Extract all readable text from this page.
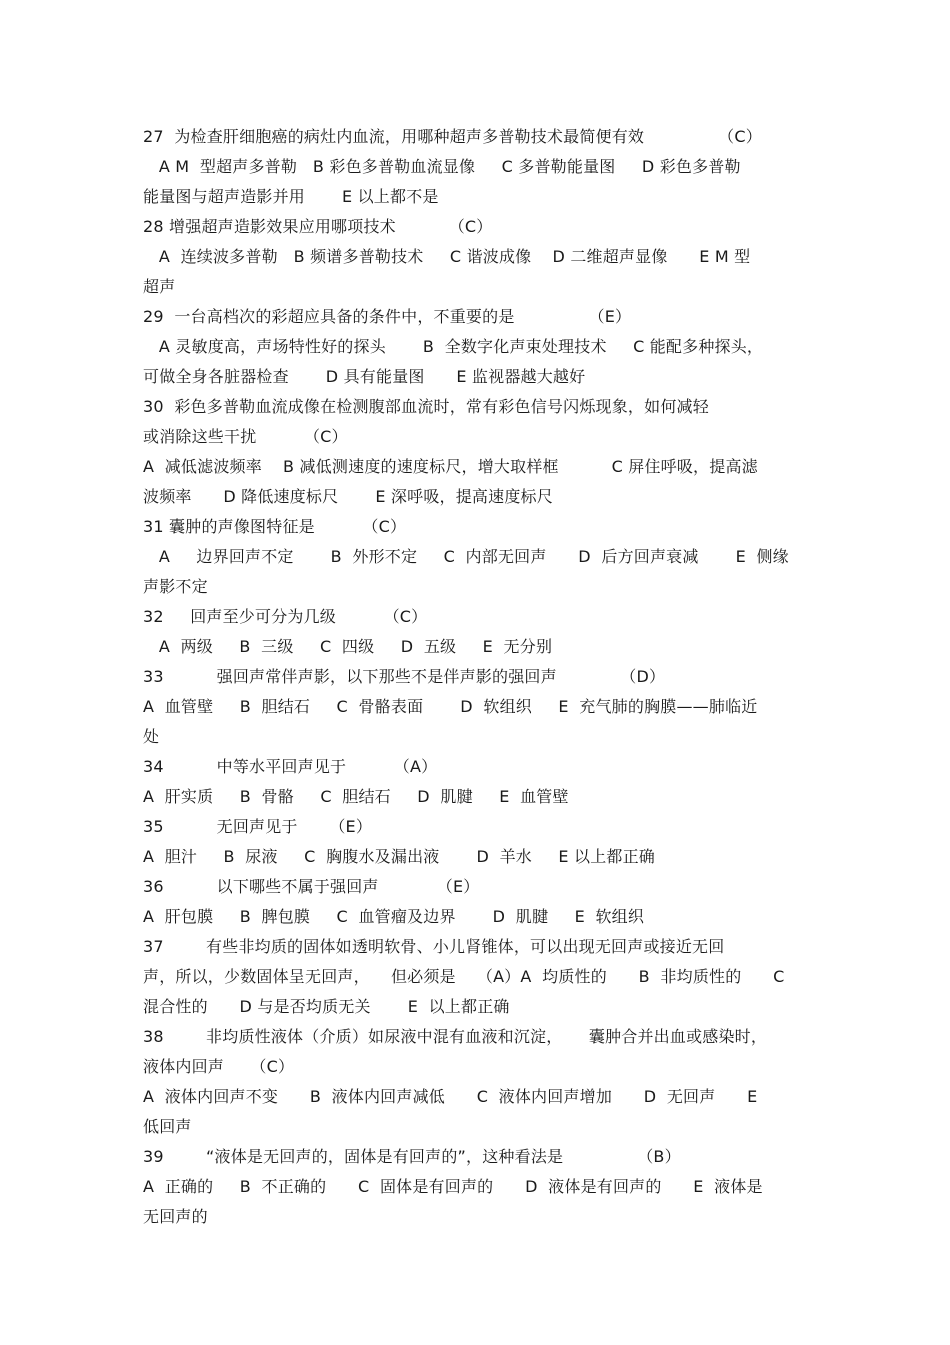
27  为检查肝细胞癌的病灶内血流，用哪种超声多普勒技术最简便有效              （C）
A M  型超声多普勒   B 彩色多普勒血流显像     C 多普勒能量图     D 彩色多普勒
能量图与超声造影并用       E 以上都不是
28 增强超声造影效果应用哪项技术          （C）
A  连续波多普勒   B 频谱多普勒技术     C 谐波成像    D 二维超声显像      E M 型
超声
29  一台高档次的彩超应具备的条件中，不重要的是              （E）
A 灵敏度高，声场特性好的探头       B  全数字化声束处理技术     C 能配多种探头，
可做全身各脏器检查       D 具有能量图      E 监视器越大越好
30  彩色多普勒血流成像在检测腹部血流时，常有彩色信号闪烁现象，如何减轻
或消除这些干扰         （C）
A  减低滤波频率    B 减低测速度的速度标尺，增大取样框          C 屏住呼吸，提高滤
波频率      D 降低速度标尺       E 深呼吸，提高速度标尺
31 囊肿的声像图特征是         （C）
A     边界回声不定       B  外形不定     C  内部无回声      D  后方回声衰减       E  侧缘
声影不定
32     回声至少可分为几级         （C）
A  两级     B  三级     C  四级     D  五级     E  无分别
33          强回声常伴声影，以下那些不是伴声影的强回声            （D）
A  血管壁     B  胆结石     C  骨骼表面       D  软组织     E  充气肺的胸膜——肺临近
处
34          中等水平回声见于         （A）
A  肝实质     B  骨骼     C  胆结石     D  肌腱     E  血管壁
35          无回声见于      （E）
A  胆汁     B  尿液     C  胸腹水及漏出液       D  羊水     E 以上都正确
36          以下哪些不属于强回声           （E）
A  肝包膜     B  脾包膜     C  血管瘤及边界       D  肌腱     E  软组织
37        有些非均质的固体如透明软骨、小儿肾锥体，可以出现无回声或接近无回
声，所以，少数固体呈无回声，    但必须是    （A）A  均质性的      B  非均质性的      C
混合性的      D 与是否均质无关       E  以上都正确
38        非均质性液体（介质）如尿液中混有血液和沉淀，     囊肿合并出血或感染时，
液体内回声     （C）
A  液体内回声不变      B  液体内回声减低      C  液体内回声增加      D  无回声      E
低回声
39        “液体是无回声的，固体是有回声的”，这种看法是              （B）
A  正确的     B  不正确的      C  固体是有回声的      D  液体是有回声的      E  液体是
无回声的
